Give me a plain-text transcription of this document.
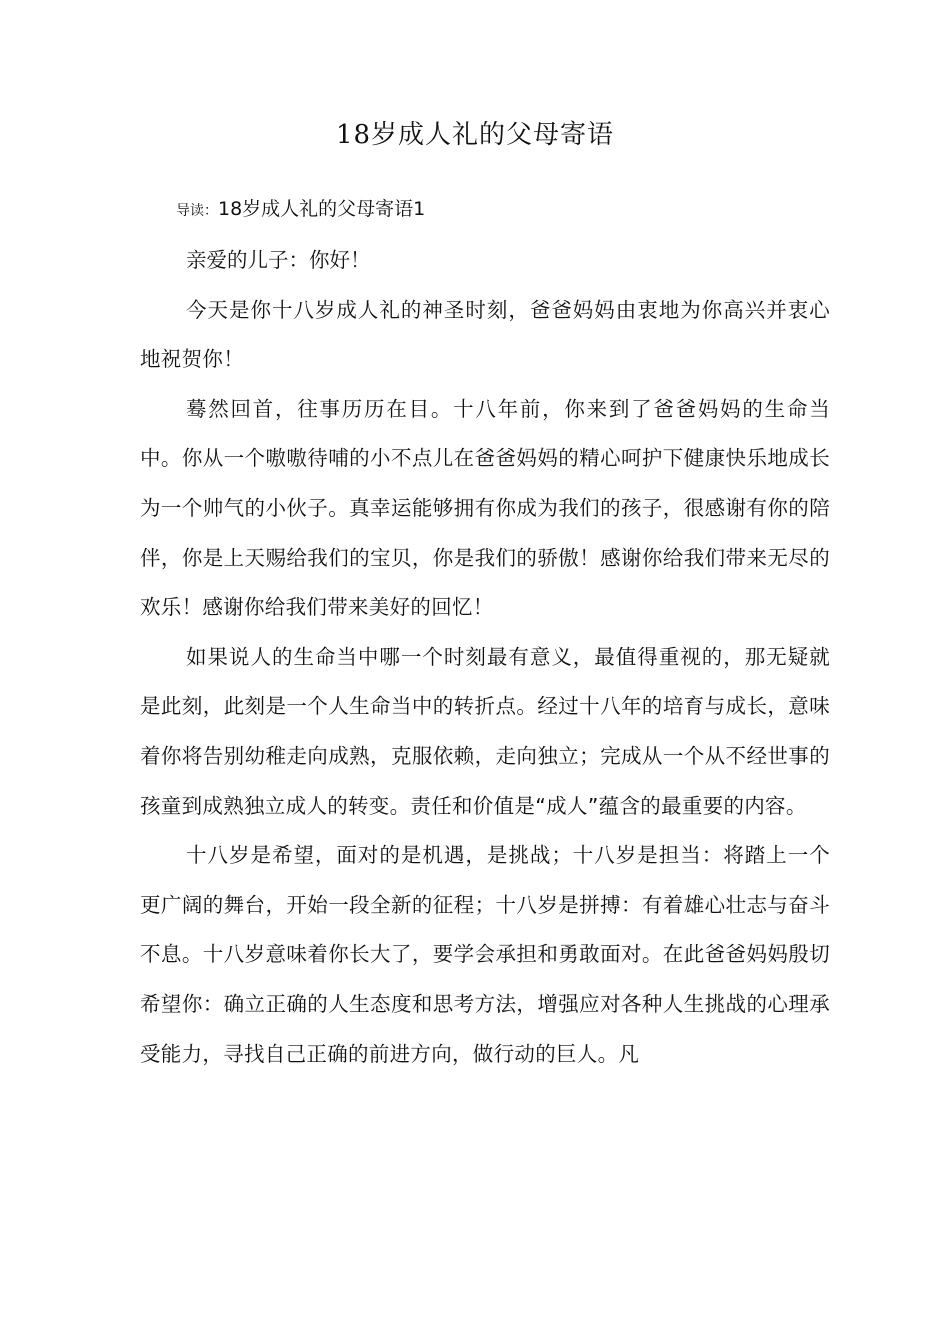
18岁成人礼的父母寄语

导读：18岁成人礼的父母寄语1

亲爱的儿子：你好！

今天是你十八岁成人礼的神圣时刻，爸爸妈妈由衷地为你高兴并衷心地祝贺你！

蓦然回首，往事历历在目。十八年前，你来到了爸爸妈妈的生命当中。你从一个嗷嗷待哺的小不点儿在爸爸妈妈的精心呵护下健康快乐地成长为一个帅气的小伙子。真幸运能够拥有你成为我们的孩子，很感谢有你的陪伴，你是上天赐给我们的宝贝，你是我们的骄傲！感谢你给我们带来无尽的欢乐！感谢你给我们带来美好的回忆！

如果说人的生命当中哪一个时刻最有意义，最值得重视的，那无疑就是此刻，此刻是一个人生命当中的转折点。经过十八年的培育与成长，意味着你将告别幼稚走向成熟，克服依赖，走向独立；完成从一个从不经世事的孩童到成熟独立成人的转变。责任和价值是“成人”蕴含的最重要的内容。

十八岁是希望，面对的是机遇，是挑战；十八岁是担当：将踏上一个更广阔的舞台，开始一段全新的征程；十八岁是拼搏：有着雄心壮志与奋斗不息。十八岁意味着你长大了，要学会承担和勇敢面对。在此爸爸妈妈殷切希望你：确立正确的人生态度和思考方法，增强应对各种人生挑战的心理承受能力，寻找自己正确的前进方向，做行动的巨人。凡
